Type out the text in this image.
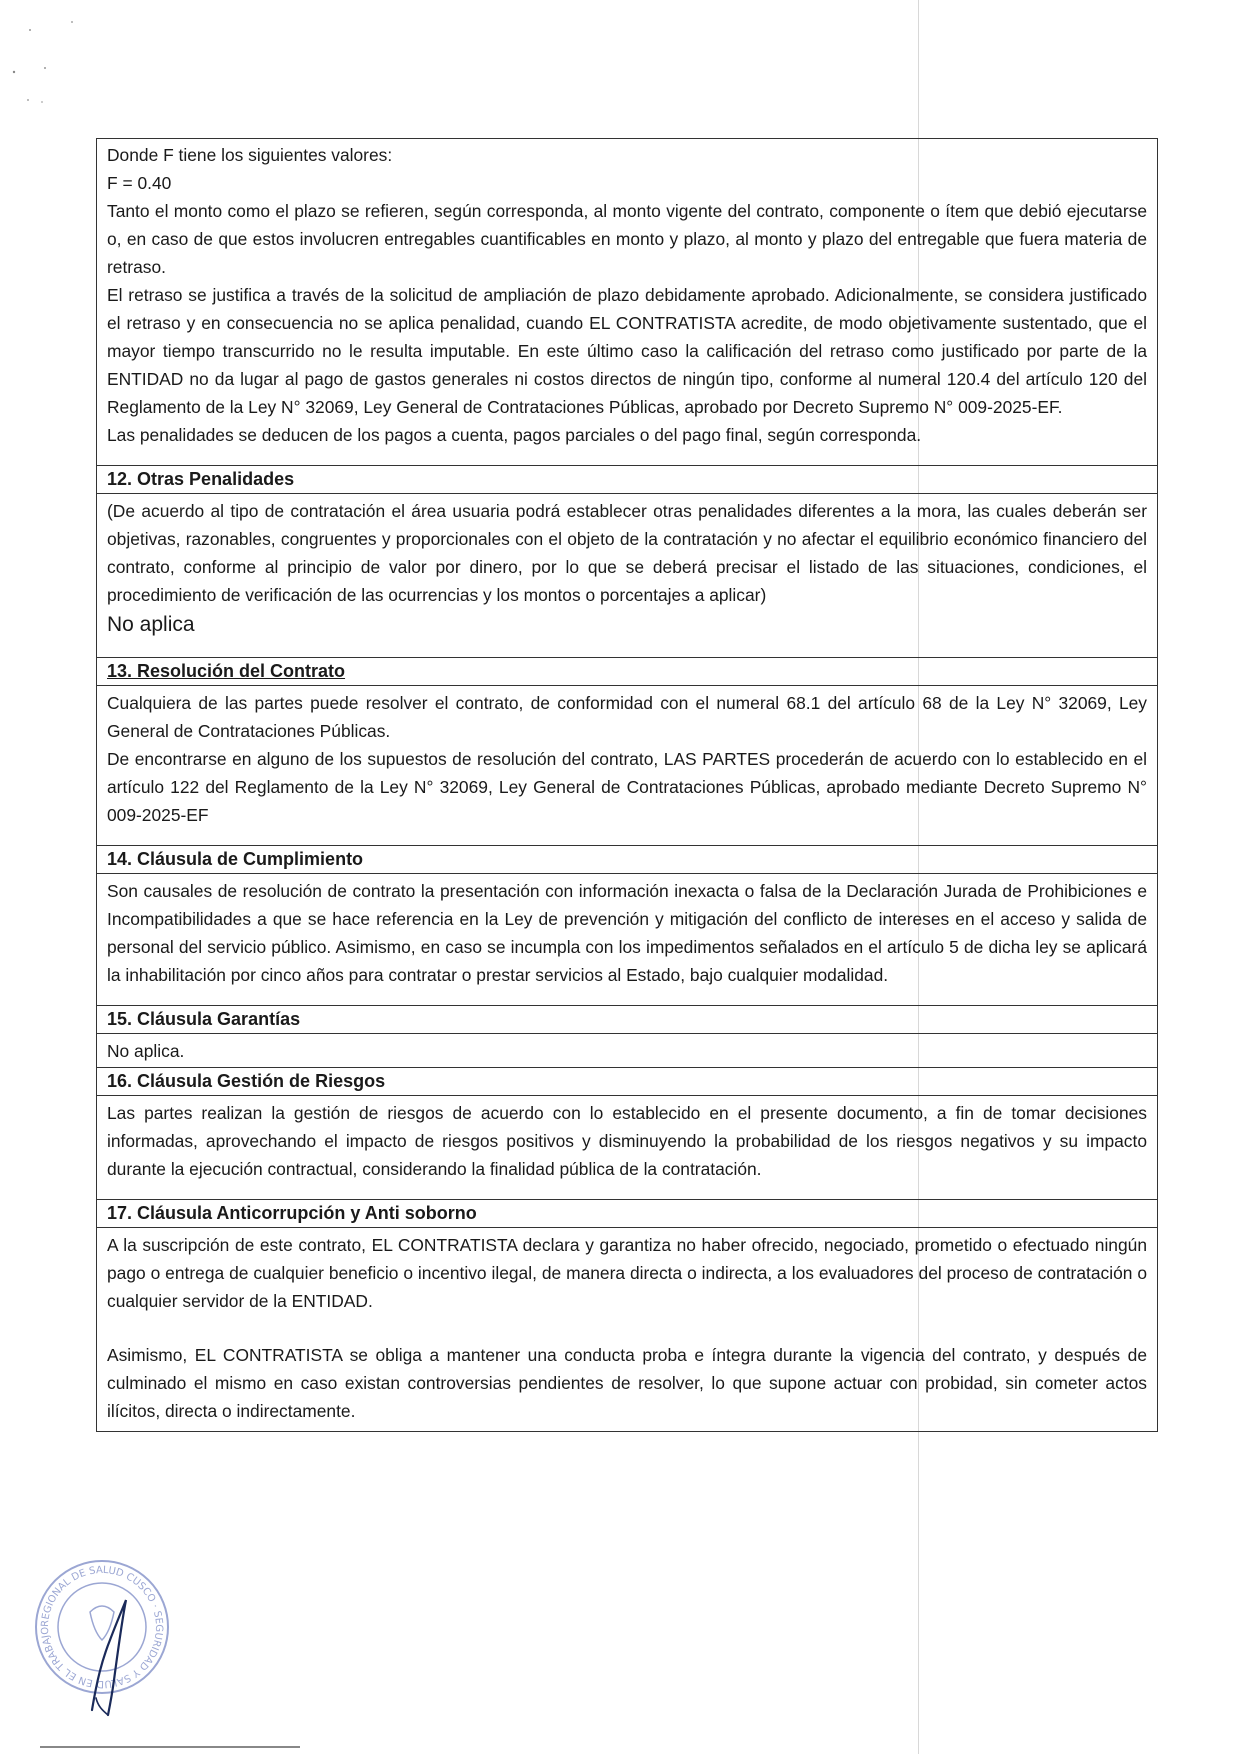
Donde F tiene los siguientes valores:

F = 0.40

Tanto el monto como el plazo se refieren, según corresponda, al monto vigente del contrato, componente o ítem que debió ejecutarse o, en caso de que estos involucren entregables cuantificables en monto y plazo, al monto y plazo del entregable que fuera materia de retraso.

El retraso se justifica a través de la solicitud de ampliación de plazo debidamente aprobado. Adicionalmente, se considera justificado el retraso y en consecuencia no se aplica penalidad, cuando EL CONTRATISTA acredite, de modo objetivamente sustentado, que el mayor tiempo transcurrido no le resulta imputable. En este último caso la calificación del retraso como justificado por parte de la ENTIDAD no da lugar al pago de gastos generales ni costos directos de ningún tipo, conforme al numeral 120.4 del artículo 120 del Reglamento de la Ley N° 32069, Ley General de Contrataciones Públicas, aprobado por Decreto Supremo N° 009-2025-EF.

Las penalidades se deducen de los pagos a cuenta, pagos parciales o del pago final, según corresponda.

12. Otras Penalidades

(De acuerdo al tipo de contratación el área usuaria podrá establecer otras penalidades diferentes a la mora, las cuales deberán ser objetivas, razonables, congruentes y proporcionales con el objeto de la contratación y no afectar el equilibrio económico financiero del contrato, conforme al principio de valor por dinero, por lo que se deberá precisar el listado de las situaciones, condiciones, el procedimiento de verificación de las ocurrencias y los montos o porcentajes a aplicar)

No aplica

13. Resolución del Contrato

Cualquiera de las partes puede resolver el contrato, de conformidad con el numeral 68.1 del artículo 68 de la Ley N° 32069, Ley General de Contrataciones Públicas.

De encontrarse en alguno de los supuestos de resolución del contrato, LAS PARTES procederán de acuerdo con lo establecido en el artículo 122 del Reglamento de la Ley N° 32069, Ley General de Contrataciones Públicas, aprobado mediante Decreto Supremo N° 009-2025-EF

14. Cláusula de Cumplimiento

Son causales de resolución de contrato la presentación con información inexacta o falsa de la Declaración Jurada de Prohibiciones e Incompatibilidades a que se hace referencia en la Ley de prevención y mitigación del conflicto de intereses en el acceso y salida de personal del servicio público. Asimismo, en caso se incumpla con los impedimentos señalados en el artículo 5 de dicha ley se aplicará la inhabilitación por cinco años para contratar o prestar servicios al Estado, bajo cualquier modalidad.

15. Cláusula Garantías

No aplica.

16. Cláusula Gestión de Riesgos

Las partes realizan la gestión de riesgos de acuerdo con lo establecido en el presente documento, a fin de tomar decisiones informadas, aprovechando el impacto de riesgos positivos y disminuyendo la probabilidad de los riesgos negativos y su impacto durante la ejecución contractual, considerando la finalidad pública de la contratación.

17. Cláusula Anticorrupción y Anti soborno

A la suscripción de este contrato, EL CONTRATISTA declara y garantiza no haber ofrecido, negociado, prometido o efectuado ningún pago o entrega de cualquier beneficio o incentivo ilegal, de manera directa o indirecta, a los evaluadores del proceso de contratación o cualquier servidor de la ENTIDAD.

Asimismo, EL CONTRATISTA se obliga a mantener una conducta proba e íntegra durante la vigencia del contrato, y después de culminado el mismo en caso existan controversias pendientes de resolver, lo que supone actuar con probidad, sin cometer actos ilícitos, directa o indirectamente.

REGIONAL DE SALUD CUSCO · SEGURIDAD Y SALUD EN EL TRABAJO
